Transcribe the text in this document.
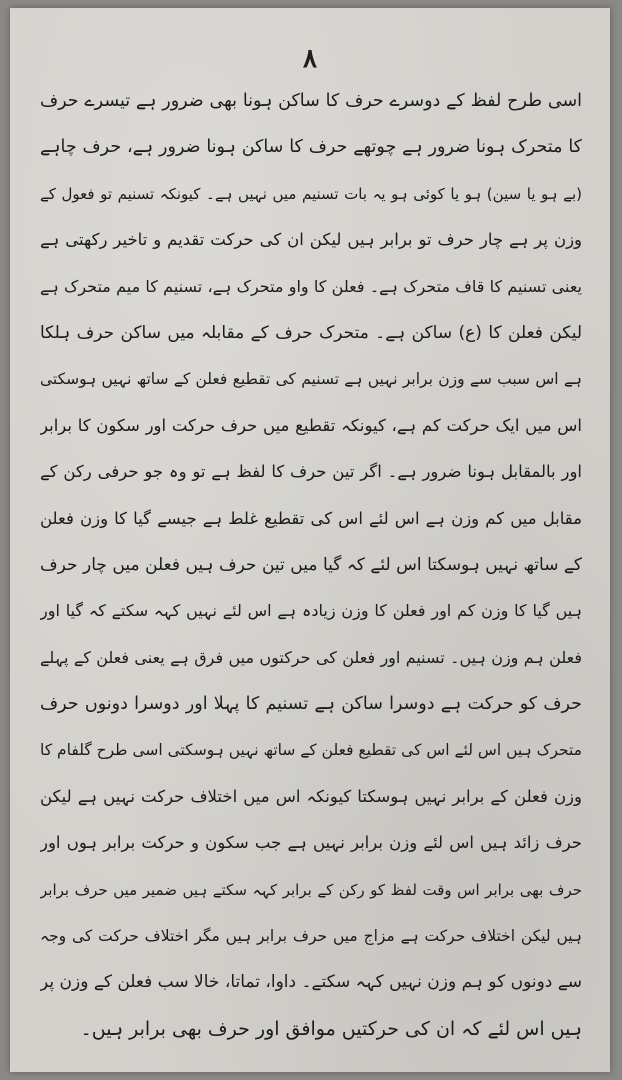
۸
اسی طرح لفظ کے دوسرے حرف کا ساکن ہونا بھی ضرور ہے تیسرے حرف
کا متحرک ہونا ضرور ہے چوتھے حرف کا ساکن ہونا ضرور ہے، حرف چاہے
(بے ہو یا سین) ہو یا کوئی ہو یہ بات تسنیم میں نہیں ہے۔ کیونکہ تسنیم تو فعول کے
وزن پر ہے چار حرف تو برابر ہیں لیکن ان کی حرکت تقدیم و تاخیر رکھتی ہے
یعنی تسنیم کا قاف متحرک ہے۔ فعلن کا واو متحرک ہے، تسنیم کا میم متحرک ہے
لیکن فعلن کا (ع) ساکن ہے۔ متحرک حرف کے مقابلہ میں ساکن حرف ہلکا
ہے اس سبب سے وزن برابر نہیں ہے تسنیم کی تقطیع فعلن کے ساتھ نہیں ہوسکتی
اس میں ایک حرکت کم ہے، کیونکہ تقطیع میں حرف حرکت اور سکون کا برابر
اور بالمقابل ہونا ضرور ہے۔ اگر تین حرف کا لفظ ہے تو وہ جو حرفی رکن کے
مقابل میں کم وزن ہے اس لئے اس کی تقطیع غلط ہے جیسے گیا کا وزن فعلن
کے ساتھ نہیں ہوسکتا اس لئے کہ گیا میں تین حرف ہیں فعلن میں چار حرف
ہیں گیا کا وزن کم اور فعلن کا وزن زیادہ ہے اس لئے نہیں کہہ سکتے کہ گیا اور
فعلن ہم وزن ہیں۔ تسنیم اور فعلن کی حرکتوں میں فرق ہے یعنی فعلن کے پہلے
حرف کو حرکت ہے دوسرا ساکن ہے تسنیم کا پہلا اور دوسرا دونوں حرف
متحرک ہیں اس لئے اس کی تقطیع فعلن کے ساتھ نہیں ہوسکتی اسی طرح گلفام کا
وزن فعلن کے برابر نہیں ہوسکتا کیونکہ اس میں اختلاف حرکت نہیں ہے لیکن
حرف زائد ہیں اس لئے وزن برابر نہیں ہے جب سکون و حرکت برابر ہوں اور
حرف بھی برابر اس وقت لفظ کو رکن کے برابر کہہ سکتے ہیں ضمیر میں حرف برابر
ہیں لیکن اختلاف حرکت ہے مزاج میں حرف برابر ہیں مگر اختلاف حرکت کی وجہ
سے دونوں کو ہم وزن نہیں کہہ سکتے۔ داوا، تماتا، خالا سب فعلن کے وزن پر
ہیں اس لئے کہ ان کی حرکتیں موافق اور حرف بھی برابر ہیں۔
